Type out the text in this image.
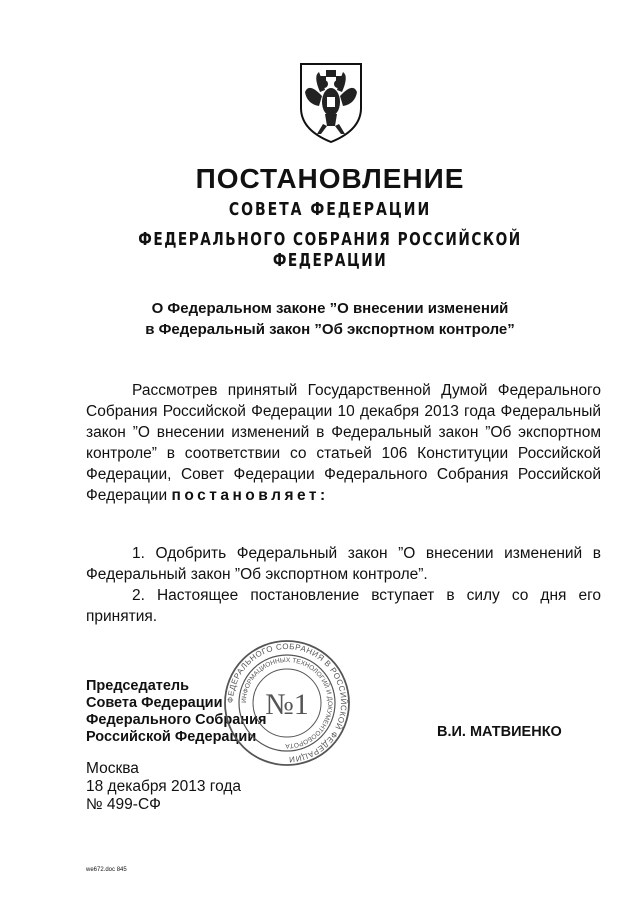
ПОСТАНОВЛЕНИЕ
СОВЕТА ФЕДЕРАЦИИ
ФЕДЕРАЛЬНОГО СОБРАНИЯ РОССИЙСКОЙ ФЕДЕРАЦИИ
О Федеральном законе ”О внесении изменений
в Федеральный закон ”Об экспортном контроле”
Рассмотрев принятый Государственной Думой Федерального Собрания Российской Федерации 10 декабря 2013 года Федеральный закон ”О внесении изменений в Федеральный закон ”Об экспортном контроле” в соответствии со статьей 106 Конституции Российской Федерации, Совет Федерации Федерального Собрания Российской Федерации постановляет:
1. Одобрить Федеральный закон ”О внесении изменений в Федеральный закон ”Об экспортном контроле”.
2. Настоящее постановление вступает в силу со дня его принятия.
Председатель
Совета Федерации
Федерального Собрания
Российской Федерации	В.И. МАТВИЕНКО
Москва
18 декабря 2013 года
№ 499-СФ
we672.doc 845
ФЕДЕРАЛЬНОГО СОБРАНИЯ В РОССИЙСКОЙ ФЕДЕРАЦИИ
ИНФОРМАЦИОННЫХ ТЕХНОЛОГИЙ И ДОКУМЕНТООБОРОТА
№1
